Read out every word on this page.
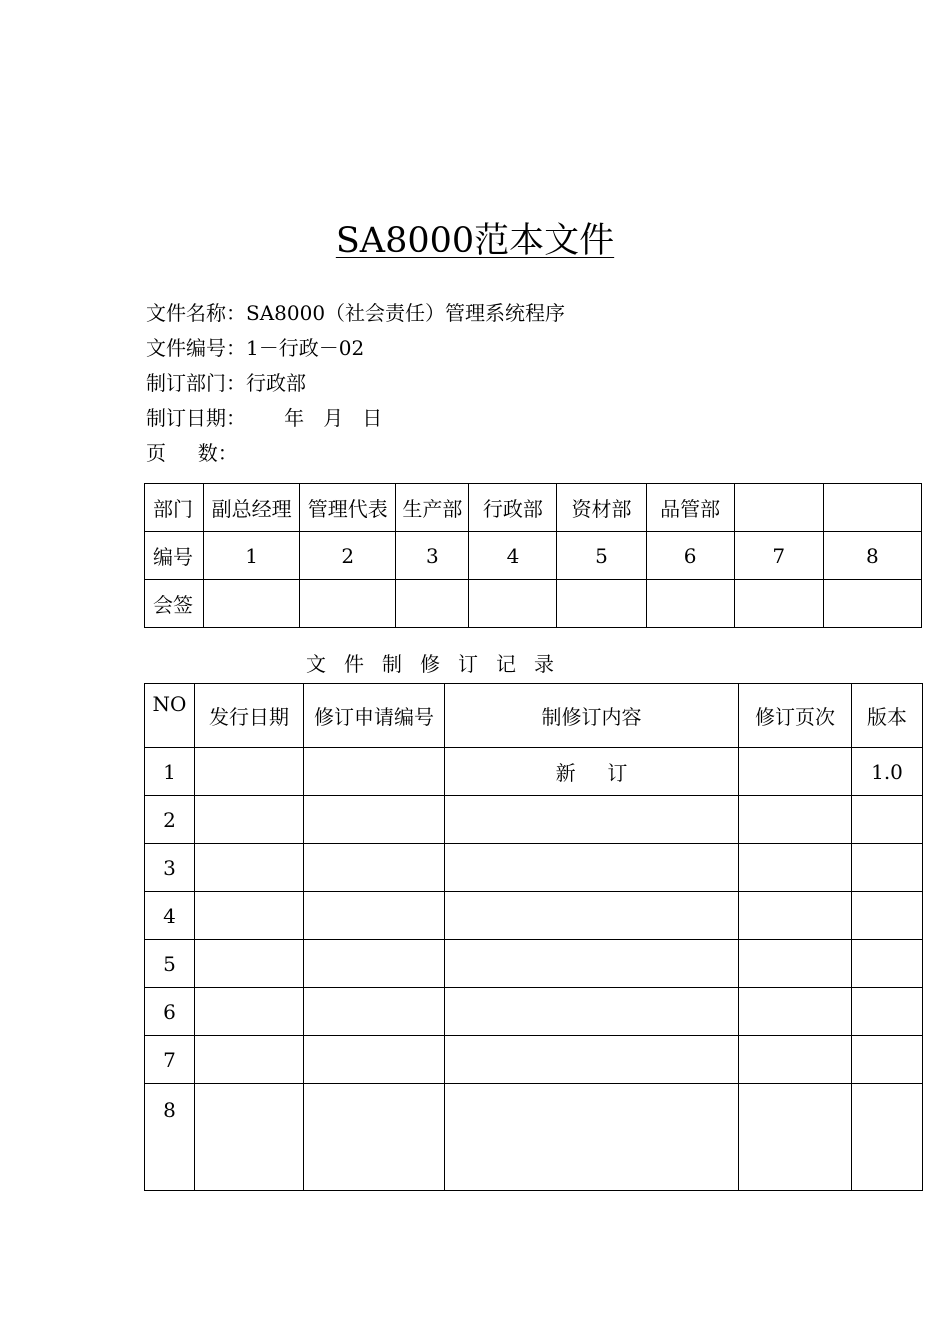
SA8000范本文件
文件名称：SA8000（社会责任）管理系统程序
文件编号：1－行政－02
制订部门：行政部
制订日期：      年   月   日
页     数：
部门	副总经理	管理代表	生产部	行政部	资材部	品管部		
编号	1	2	3	4	5	6	7	8
会签								
文件制修订记录
NO	发行日期	修订申请编号	制修订内容	修订页次	版本
1			新     订		1.0
2					
3					
4					
5					
6					
7					
8					
